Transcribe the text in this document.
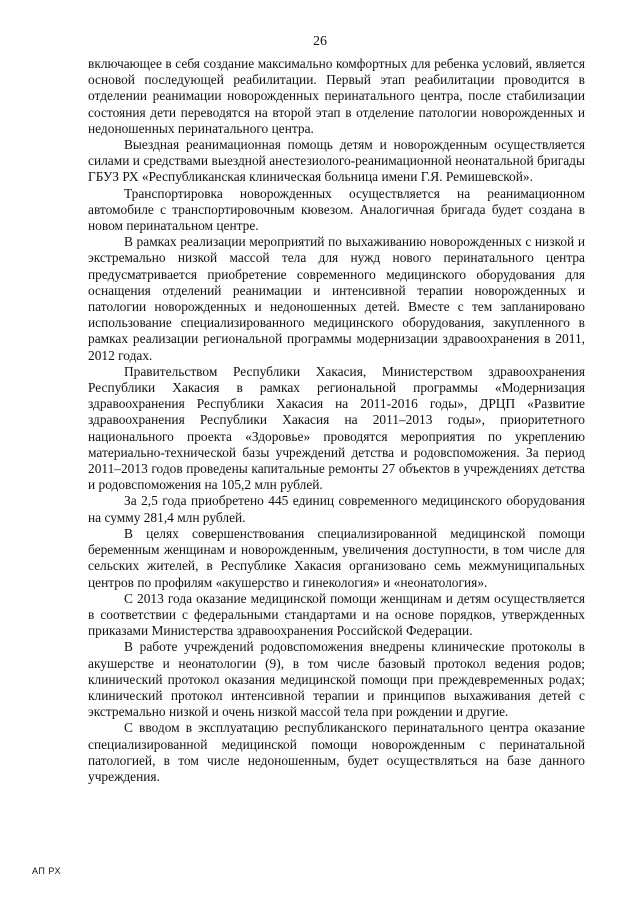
26

включающее в себя создание максимально комфортных для ребенка условий, является основой последующей реабилитации. Первый этап реабилитации проводится в отделении реанимации новорожденных перинатального центра, после стабилизации состояния дети переводятся на второй этап в отделение патологии новорожденных и недоношенных перинатального центра.

Выездная реанимационная помощь детям и новорожденным осуществляется силами и средствами выездной анестезиолого-реанимационной неонатальной бригады ГБУЗ РХ «Республиканская клиническая больница имени Г.Я. Ремишевской».

Транспортировка новорожденных осуществляется на реанимационном автомобиле с транспортировочным кювезом. Аналогичная бригада будет создана в новом перинатальном центре.

В рамках реализации мероприятий по выхаживанию новорожденных с низкой и экстремально низкой массой тела для нужд нового перинатального центра предусматривается приобретение современного медицинского оборудования для оснащения отделений реанимации и интенсивной терапии новорожденных и патологии новорожденных и недоношенных детей. Вместе с тем запланировано использование специализированного медицинского оборудования, закупленного в рамках реализации региональной программы модернизации здравоохранения в 2011, 2012 годах.

Правительством Республики Хакасия, Министерством здравоохранения Республики Хакасия в рамках региональной программы «Модернизация здравоохранения Республики Хакасия на 2011-2016 годы», ДРЦП «Развитие здравоохранения Республики Хакасия на 2011–2013 годы», приоритетного национального проекта «Здоровье» проводятся мероприятия по укреплению материально-технической базы учреждений детства и родовспоможения. За период 2011–2013 годов проведены капитальные ремонты 27 объектов в учреждениях детства и родовспоможения на 105,2 млн рублей.

За 2,5 года приобретено 445 единиц современного медицинского оборудования на сумму 281,4 млн рублей.

В целях совершенствования специализированной медицинской помощи беременным женщинам и новорожденным, увеличения доступности, в том числе для сельских жителей, в Республике Хакасия организовано семь межмуниципальных центров по профилям «акушерство и гинекология» и «неонатология».

С 2013 года оказание медицинской помощи женщинам и детям осуществляется в соответствии с федеральными стандартами и на основе порядков, утвержденных приказами Министерства здравоохранения Российской Федерации.

В работе учреждений родовспоможения внедрены клинические протоколы в акушерстве и неонатологии (9), в том числе базовый протокол ведения родов; клинический протокол оказания медицинской помощи при преждевременных родах; клинический протокол интенсивной терапии и принципов выхаживания детей с экстремально низкой и очень низкой массой тела при рождении и другие.

С вводом в эксплуатацию республиканского перинатального центра оказание специализированной медицинской помощи новорожденным с перинатальной патологией, в том числе недоношенным, будет осуществляться на базе данного учреждения.

АП РХ
